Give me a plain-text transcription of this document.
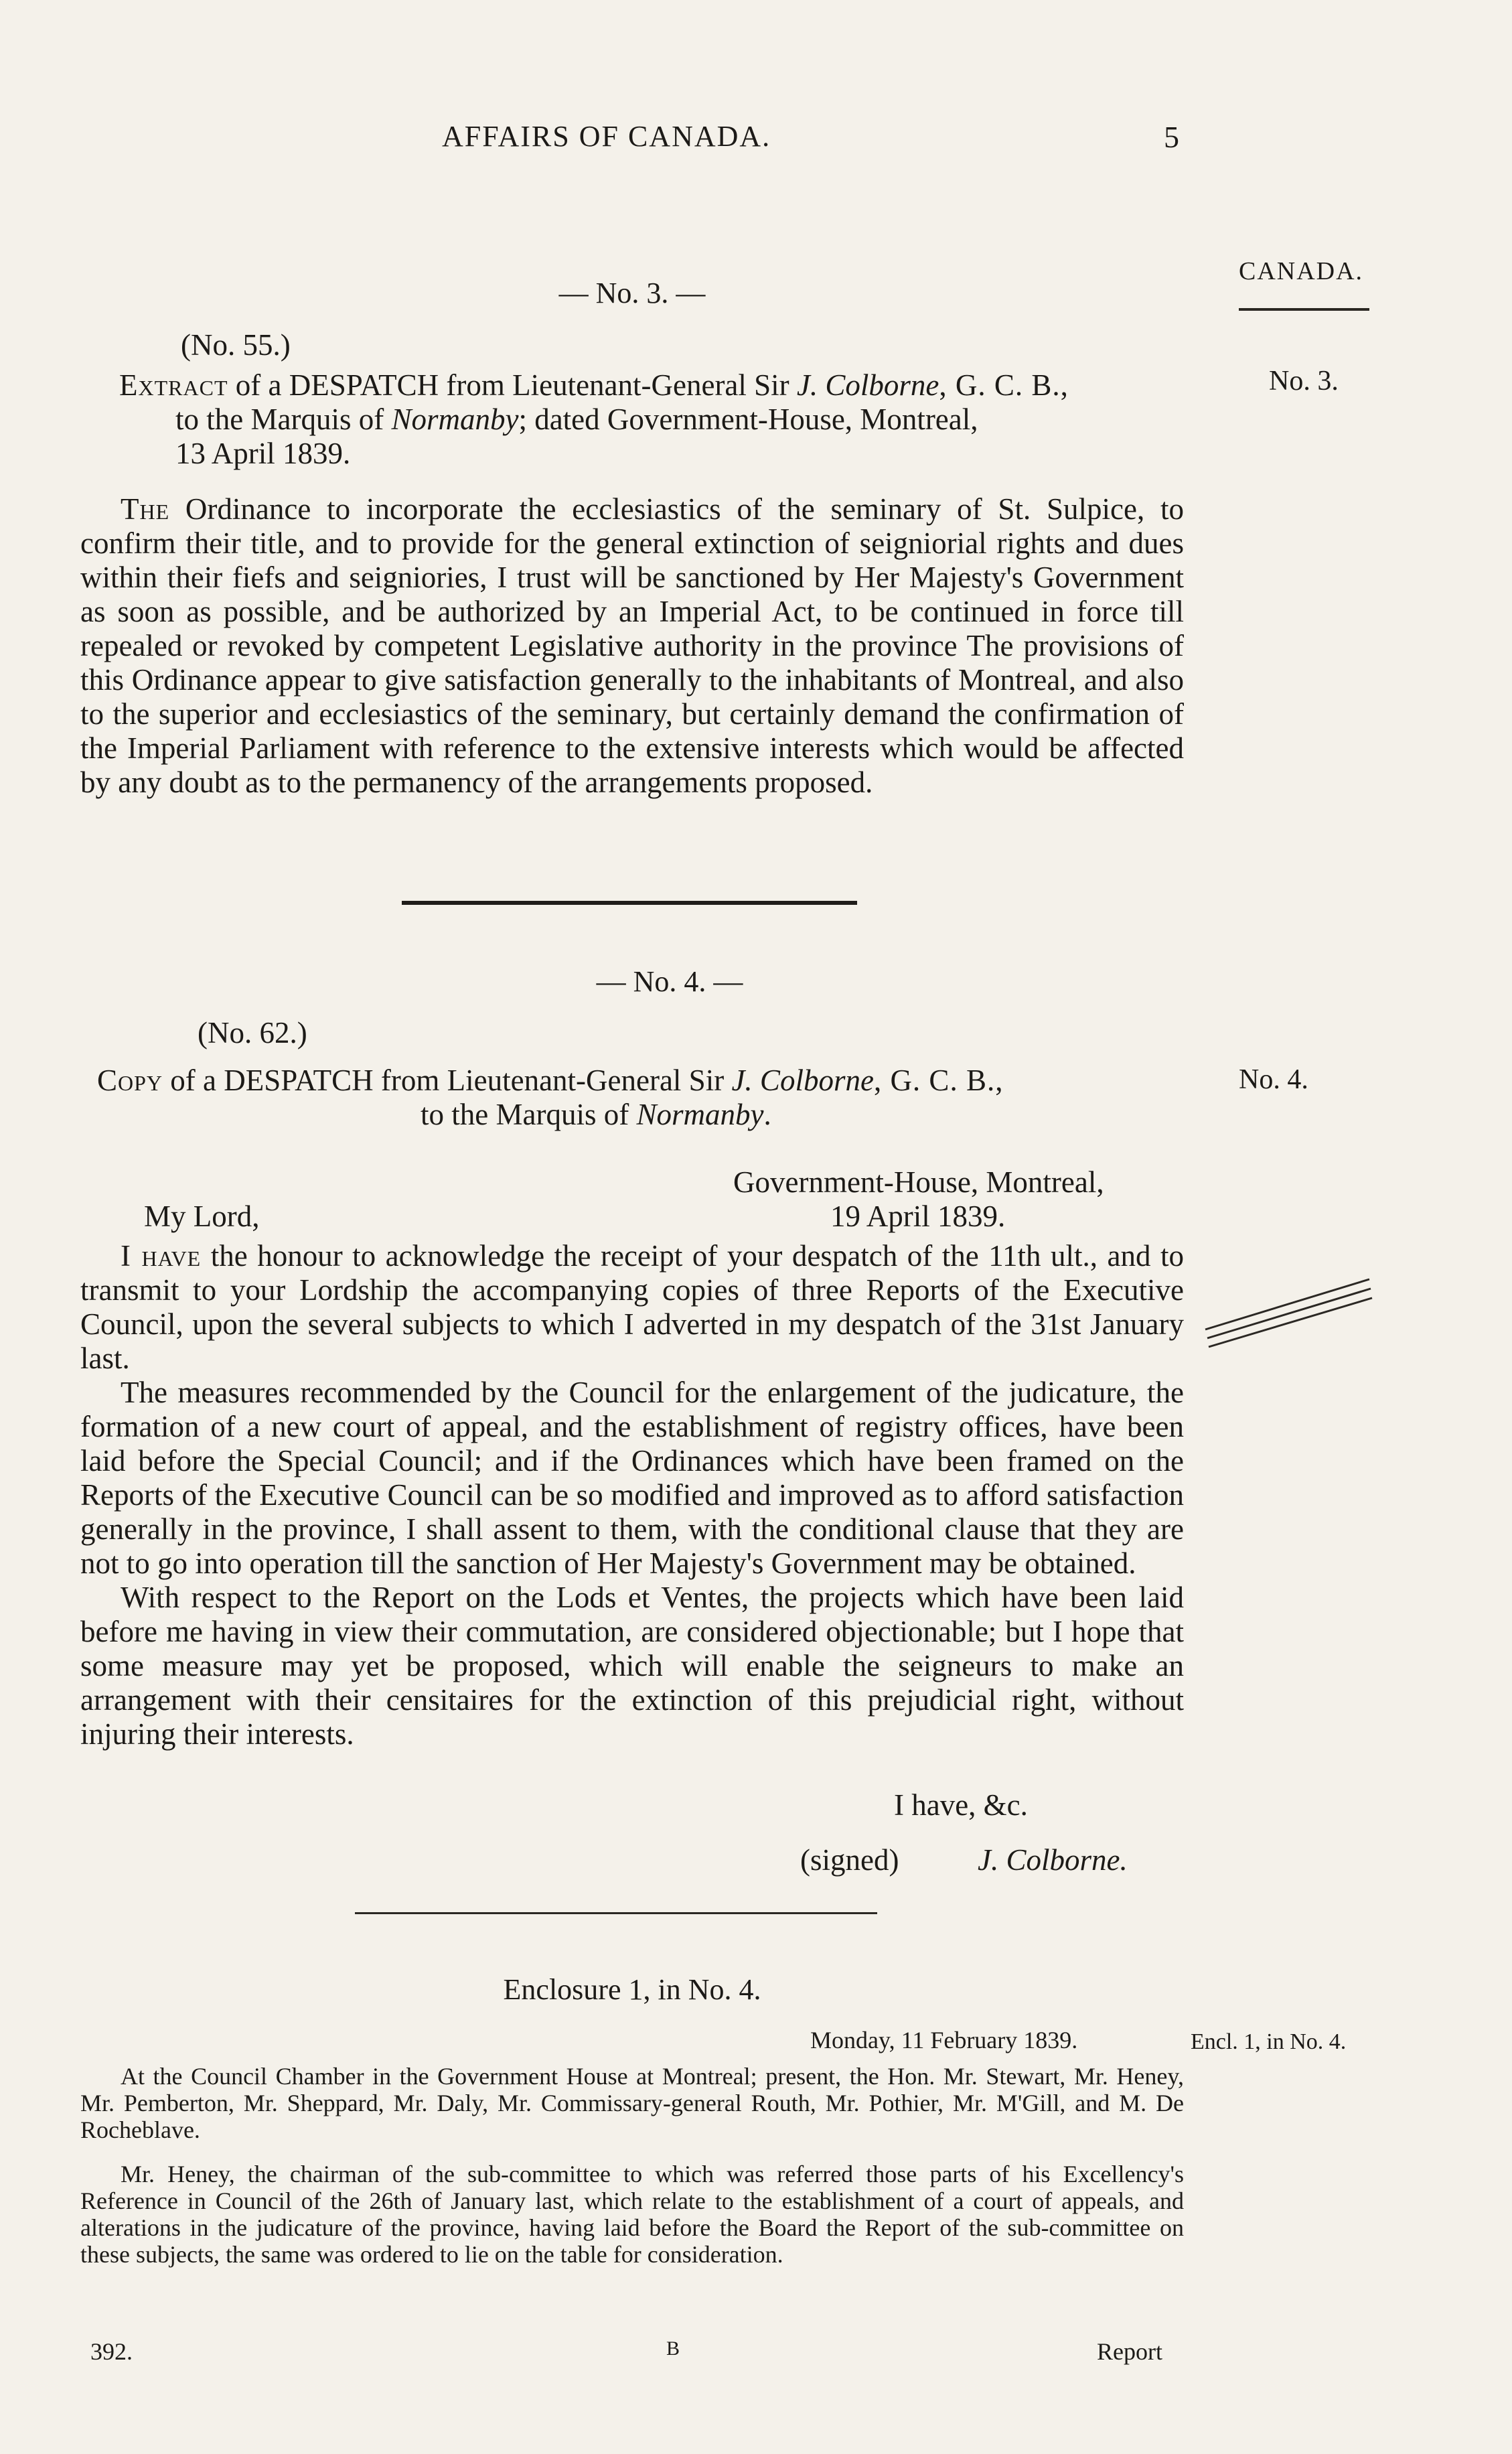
AFFAIRS OF CANADA.	5
CANADA.
No. 3.
No. 4.
Encl. 1, in No. 4.
— No. 3. —
(No. 55.)
Extract of a DESPATCH from Lieutenant-General Sir J. Colborne, G. C. B.,
to the Marquis of Normanby; dated Government-House, Montreal,
13 April 1839.

The Ordinance to incorporate the ecclesiastics of the seminary of St. Sulpice, to confirm their title, and to provide for the general extinction of seigniorial rights and dues within their fiefs and seigniories, I trust will be sanctioned by Her Majesty's Government as soon as possible, and be authorized by an Imperial Act, to be continued in force till repealed or revoked by competent Legislative authority in the province The provisions of this Ordinance appear to give satisfaction generally to the inhabitants of Montreal, and also to the superior and ecclesiastics of the seminary, but certainly demand the confirmation of the Imperial Parliament with reference to the extensive interests which would be affected by any doubt as to the permanency of the arrangements proposed.

— No. 4. —
(No. 62.)
Copy of a DESPATCH from Lieutenant-General Sir J. Colborne, G. C. B.,
to the Marquis of Normanby.
Government-House, Montreal,
My Lord,	19 April 1839.

I have the honour to acknowledge the receipt of your despatch of the 11th ult., and to transmit to your Lordship the accompanying copies of three Reports of the Executive Council, upon the several subjects to which I adverted in my despatch of the 31st January last.

The measures recommended by the Council for the enlargement of the judicature, the formation of a new court of appeal, and the establishment of registry offices, have been laid before the Special Council; and if the Ordinances which have been framed on the Reports of the Executive Council can be so modified and improved as to afford satisfaction generally in the province, I shall assent to them, with the conditional clause that they are not to go into operation till the sanction of Her Majesty's Government may be obtained.

With respect to the Report on the Lods et Ventes, the projects which have been laid before me having in view their commutation, are considered objectionable; but I hope that some measure may yet be proposed, which will enable the seigneurs to make an arrangement with their censitaires for the extinction of this prejudicial right, without injuring their interests.

I have, &c.
(signed)	J. Colborne.
Enclosure 1, in No. 4.
Monday, 11 February 1839.

At the Council Chamber in the Government House at Montreal; present, the Hon. Mr. Stewart, Mr. Heney, Mr. Pemberton, Mr. Sheppard, Mr. Daly, Mr. Commissary-general Routh, Mr. Pothier, Mr. M'Gill, and M. De Rocheblave.

Mr. Heney, the chairman of the sub-committee to which was referred those parts of his Excellency's Reference in Council of the 26th of January last, which relate to the establishment of a court of appeals, and alterations in the judicature of the province, having laid before the Board the Report of the sub-committee on these subjects, the same was ordered to lie on the table for consideration.

392.	B	Report
